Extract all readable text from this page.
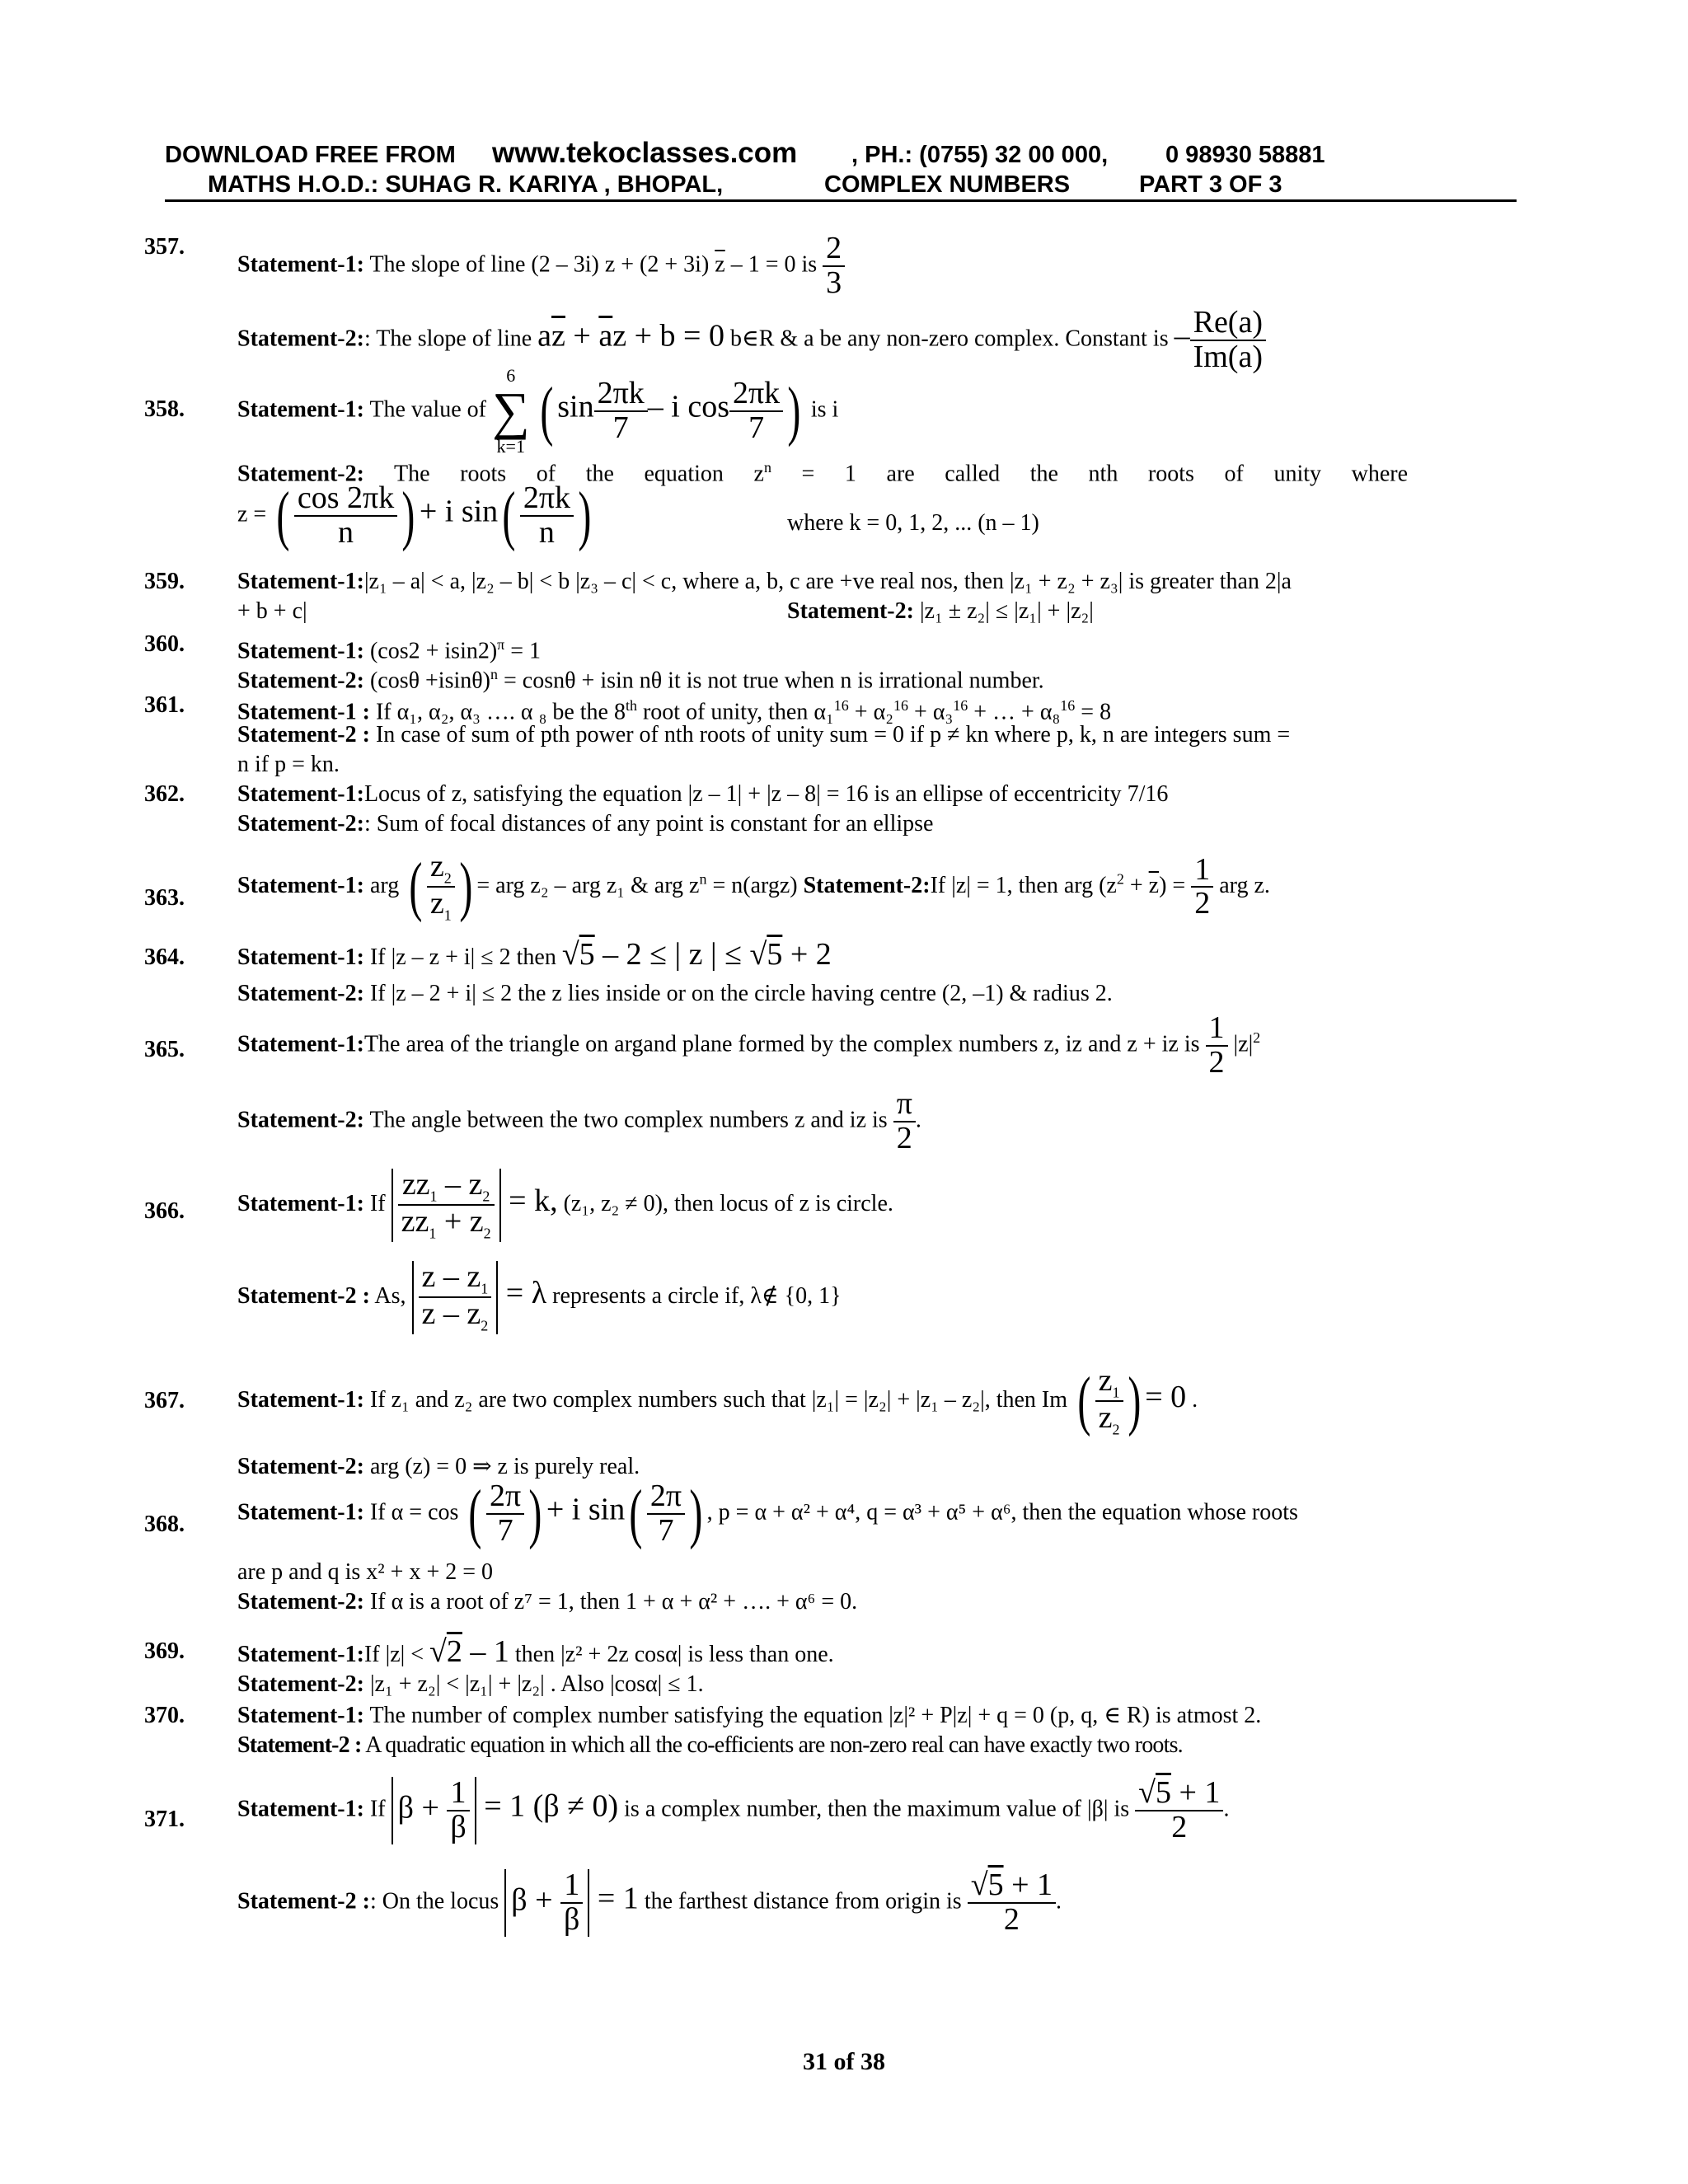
DOWNLOAD FREE FROM www.tekoclasses.com , PH.: (0755) 32 00 000, 0 98930 58881
MATHS H.O.D.: SUHAG R. KARIYA , BHOPAL,	COMPLEX NUMBERS	PART 3 OF 3
357.
Statement-1: The slope of line (2 – 3i) z + (2 + 3i) $\overline{z} - 1 = 0$ is $\frac{2}{3}$
Statement-2:: The slope of line $a\overline{z} + \overline{a}z + b = 0$ b∈R & a be any non-zero complex. Constant is – $\frac{Re(a)}{Im(a)}$
358. Statement-1: The value of 6
∑
k=1 ( $\sin \frac{2\pi k}{7}$ – i $\cos \frac{2\pi k}{7}$ ) is i
Statement-2: The roots of the equation $z^n = 1$ are called the nth roots of unity where
z = ( $\frac{\cos 2\pi k}{n}$ ) + i $\sin( \frac{2\pi k}{n}$ )	where k = 0, 1, 2, ... (n – 1)
359. Statement-1:|z₁ – a| < a, |z₂ – b| < b |z₃ – c| < c, where a, b, c are +ve real nos, then |z₁ + z₂ + z₃| is greater than 2|a
+ b + c|	Statement-2: |z₁ ± z₂| ≤ |z₁| + |z₂|
360. Statement-1: $(\cos 2 + isin2)^\pi = 1$
Statement-2: $(\cos\theta +isin\theta)^n = \cos n\theta + isin$ nθ it is not true when n is irrational number.
361. Statement-1 : If α₁, α₂, α₃ …. α ₈ be the 8th root of unity, then α₁$^{16}$ + α₂$^{16}$ + α₃$^{16}$ + … + α₈$^{16}$ = 8
Statement-2 : In case of sum of pth power of nth roots of unity sum = 0 if p ≠ kn where p, k, n are integers sum =
n if p = kn.
362. Statement-1:Locus of z, satisfying the equation |z – 1| + |z – 8| = 16 is an ellipse of eccentricity 7/16
Statement-2:: Sum of focal distances of any point is constant for an ellipse
363. Statement-1: arg ( $\frac{z_2}{z_1}$ ) = arg z₂ – arg z₁ & arg $z^n$ = n(argz) Statement-2:If |z| = 1, then arg $(z^2 + \overline{z}) = \frac{1}{2}$ arg z.
364. Statement-1: If |z – z + i| ≤ 2 then √5 – 2 ≤ | z | ≤ √5 + 2
Statement-2: If |z – 2 + i| ≤ 2 the z lies inside or on the circle having centre (2, –1) & radius 2.
365. Statement-1:The area of the triangle on argand plane formed by the complex numbers z, iz and z + iz is $\frac{1}{2} |z|^2$
Statement-2: The angle between the two complex numbers z and iz is $\frac{\pi}{2}$ .
366. Statement-1: If $\frac{zz_1 - z_2}{zz_1 + z_2} = k$, (z₁, z₂ ≠ 0), then locus of z is circle.
Statement-2 : As, $\frac{z - z_1}{z - z_2} = \lambda$ represents a circle if, λ∉ {0, 1}
367. Statement-1: If z₁ and z₂ are two complex numbers such that |z₁| = |z₂| + |z₁ – z₂|, then Im ( $\frac{z_1}{z_2}$ ) = 0 .
Statement-2: arg (z) = 0 ⇒ z is purely real.
368. Statement-1: If α = cos ( $\frac{2\pi}{7}$ ) + i $\sin( \frac{2\pi}{7}$ ) , p = α + α² + α⁴, q = α³ + α⁵ + α⁶, then the equation whose roots
are p and q is x² + x + 2 = 0
Statement-2: If α is a root of z⁷ = 1, then 1 + α + α² + …. + α⁶ = 0.
369. Statement-1:If |z| < √2 – 1 then |z² + 2z cosα| is less than one.
Statement-2: |z₁ + z₂| < |z₁| + |z₂| . Also |cosα| ≤ 1.
370. Statement-1: The number of complex number satisfying the equation |z|² + P|z| + q = 0 (p, q, ∈ R) is atmost 2.
Statement-2 : A quadratic equation in which all the co-efficients are non-zero real can have exactly two roots.
371. Statement-1: If $\beta + \frac{1}{\beta} = 1$ (β ≠ 0) is a complex number, then the maximum value of |β| is $\frac{√5 + 1}{2}$ .
Statement-2 :: On the locus $\beta + \frac{1}{\beta} = 1$ the farthest distance from origin is $\frac{√5 + 1}{2}$ .
31 of 38
